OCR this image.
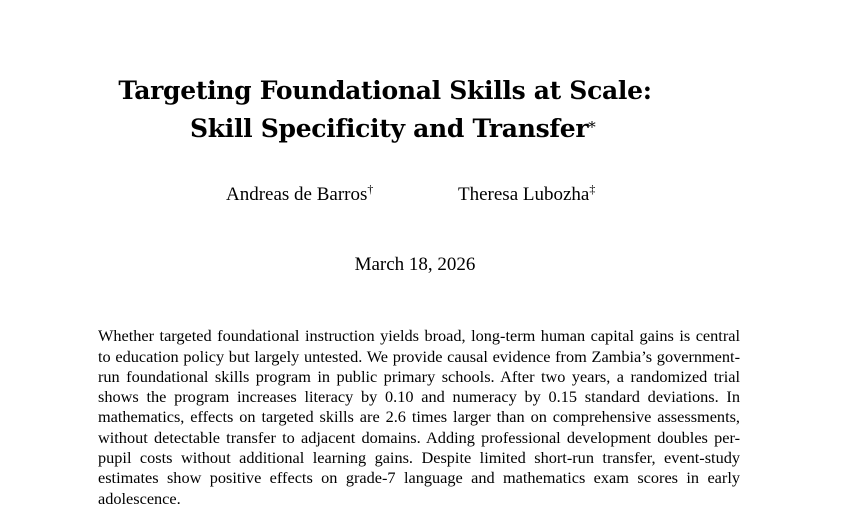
Targeting Foundational Skills at Scale:
Skill Specificity and Transfer*
Andreas de Barros†	Theresa Lubozha‡
March 18, 2026

Whether targeted foundational instruction yields broad, long-term human capital gains is central to education policy but largely untested. We provide causal evidence from Zambia’s government-run foundational skills program in public primary schools. After two years, a randomized trial shows the program increases literacy by 0.10 and numeracy by 0.15 standard deviations. In mathematics, effects on targeted skills are 2.6 times larger than on comprehensive assessments, without detectable transfer to adjacent domains. Adding professional development doubles per-pupil costs without additional learning gains. Despite limited short-run transfer, event-study estimates show positive effects on grade-7 language and mathematics exam scores in early adolescence.
